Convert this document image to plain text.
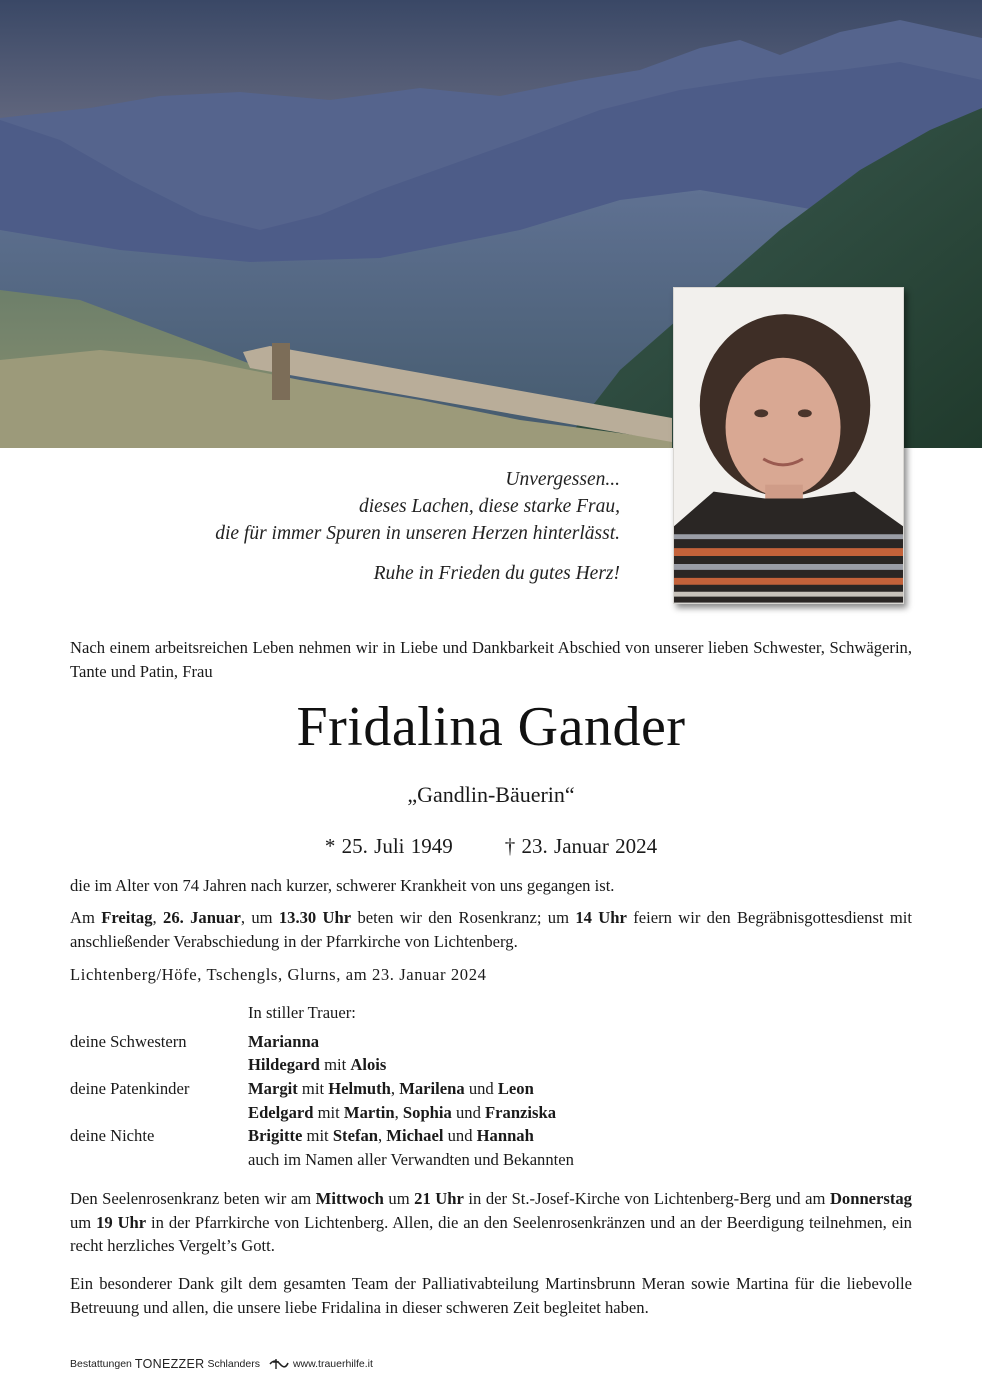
Unvergessen...
dieses Lachen, diese starke Frau,
die für immer Spuren in unseren Herzen hinterlässt.
Ruhe in Frieden du gutes Herz!

Nach einem arbeitsreichen Leben nehmen wir in Liebe und Dankbarkeit Abschied von unserer lieben Schwester, Schwägerin, Tante und Patin, Frau

Fridalina Gander
„Gandlin-Bäuerin“
* 25. Juli 1949 † 23. Januar 2024

die im Alter von 74 Jahren nach kurzer, schwerer Krankheit von uns gegangen ist.

Am Freitag, 26. Januar, um 13.30 Uhr beten wir den Rosenkranz; um 14 Uhr feiern wir den Begräbnisgottesdienst mit anschließender Verabschiedung in der Pfarrkirche von Lichtenberg.

Lichtenberg/Höfe, Tschengls, Glurns, am 23. Januar 2024

In stiller Trauer:
deine Schwestern	Marianna
Hildegard mit Alois
deine Patenkinder	Margit mit Helmuth, Marilena und Leon
Edelgard mit Martin, Sophia und Franziska
deine Nichte	Brigitte mit Stefan, Michael und Hannah
auch im Namen aller Verwandten und Bekannten

Den Seelenrosenkranz beten wir am Mittwoch um 21 Uhr in der St.-Josef-Kirche von Lichtenberg-Berg und am Donnerstag um 19 Uhr in der Pfarrkirche von Lichtenberg. Allen, die an den Seelenrosenkränzen und an der Beerdigung teilnehmen, ein recht herzliches Vergelt’s Gott.

Ein besonderer Dank gilt dem gesamten Team der Palliativabteilung Martinsbrunn Meran sowie Martina für die liebevolle Betreuung und allen, die unsere liebe Fridalina in dieser schweren Zeit begleitet haben.

Bestattungen TONEZZER Schlanders	www.trauerhilfe.it
